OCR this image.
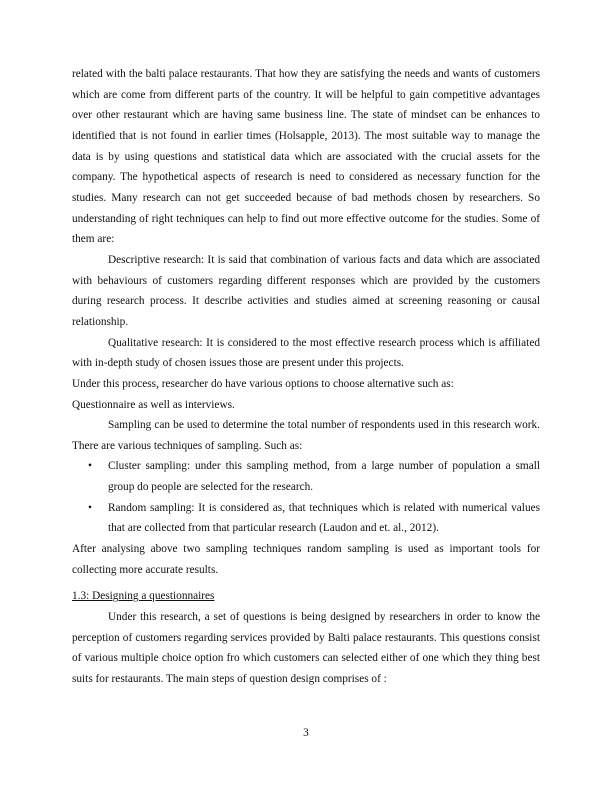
related with the balti palace restaurants. That how they are satisfying the needs and wants of customers which are come from different parts of the country. It will be helpful to gain competitive advantages over other restaurant which are having same business line. The state of mindset can be enhances to identified that is not found in earlier times (Holsapple, 2013). The most suitable way to manage the data is by using questions and statistical data which are associated with the crucial assets for the company. The hypothetical aspects of research is need to considered as necessary function for the studies. Many research can not get succeeded because of bad methods chosen by researchers. So understanding of right techniques can help to find out more effective outcome for the studies. Some of them are:

Descriptive research: It is said that combination of various facts and data which are associated with behaviours of customers regarding different responses which are provided by the customers during research process. It describe activities and studies aimed at screening reasoning or causal relationship.

Qualitative research: It is considered to the most effective research process which is affiliated with in-depth study of chosen issues those are present under this projects.

Under this process, researcher do have various options to choose alternative such as:

Questionnaire as well as interviews.

Sampling can be used to determine the total number of respondents used in this research work. There are various techniques of sampling. Such as:

• Cluster sampling: under this sampling method, from a large number of population a small group do people are selected for the research.
• Random sampling: It is considered as, that techniques which is related with numerical values that are collected from that particular research (Laudon and et. al., 2012).

After analysing above two sampling techniques random sampling is used as important tools for collecting more accurate results.

1.3: Designing a questionnaires

Under this research, a set of questions is being designed by researchers in order to know the perception of customers regarding services provided by Balti palace restaurants. This questions consist of various multiple choice option fro which customers can selected either of one which they thing best suits for restaurants. The main steps of question design comprises of :

3
